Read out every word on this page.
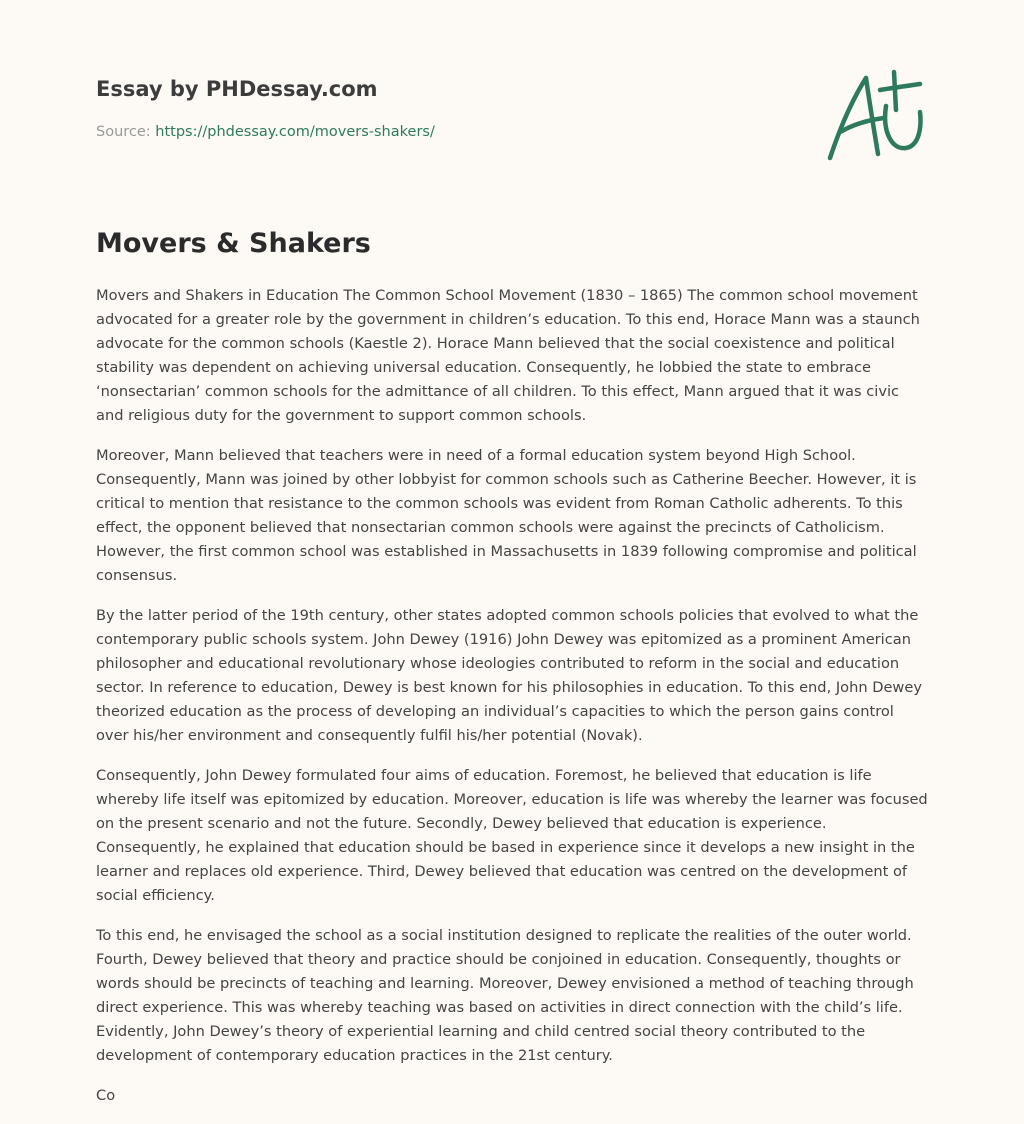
Essay by PHDessay.com
Source: https://phdessay.com/movers-shakers/
Movers & Shakers

Movers and Shakers in Education The Common School Movement (1830 – 1865) The common school movement advocated for a greater role by the government in children’s education. To this end, Horace Mann was a staunch advocate for the common schools (Kaestle 2). Horace Mann believed that the social coexistence and political stability was dependent on achieving universal education. Consequently, he lobbied the state to embrace ‘nonsectarian’ common schools for the admittance of all children. To this effect, Mann argued that it was civic and religious duty for the government to support common schools.

Moreover, Mann believed that teachers were in need of a formal education system beyond High School. Consequently, Mann was joined by other lobbyist for common schools such as Catherine Beecher. However, it is critical to mention that resistance to the common schools was evident from Roman Catholic adherents. To this effect, the opponent believed that nonsectarian common schools were against the precincts of Catholicism. However, the first common school was established in Massachusetts in 1839 following compromise and political consensus.

By the latter period of the 19th century, other states adopted common schools policies that evolved to what the contemporary public schools system. John Dewey (1916) John Dewey was epitomized as a prominent American philosopher and educational revolutionary whose ideologies contributed to reform in the social and education sector. In reference to education, Dewey is best known for his philosophies in education. To this end, John Dewey theorized education as the process of developing an individual’s capacities to which the person gains control over his/her environment and consequently fulfil his/her potential (Novak).

Consequently, John Dewey formulated four aims of education. Foremost, he believed that education is life whereby life itself was epitomized by education. Moreover, education is life was whereby the learner was focused on the present scenario and not the future. Secondly, Dewey believed that education is experience. Consequently, he explained that education should be based in experience since it develops a new insight in the learner and replaces old experience. Third, Dewey believed that education was centred on the development of social efficiency.

To this end, he envisaged the school as a social institution designed to replicate the realities of the outer world. Fourth, Dewey believed that theory and practice should be conjoined in education. Consequently, thoughts or words should be precincts of teaching and learning. Moreover, Dewey envisioned a method of teaching through direct experience. This was whereby teaching was based on activities in direct connection with the child’s life. Evidently, John Dewey’s theory of experiential learning and child centred social theory contributed to the development of contemporary education practices in the 21st century.

Co
